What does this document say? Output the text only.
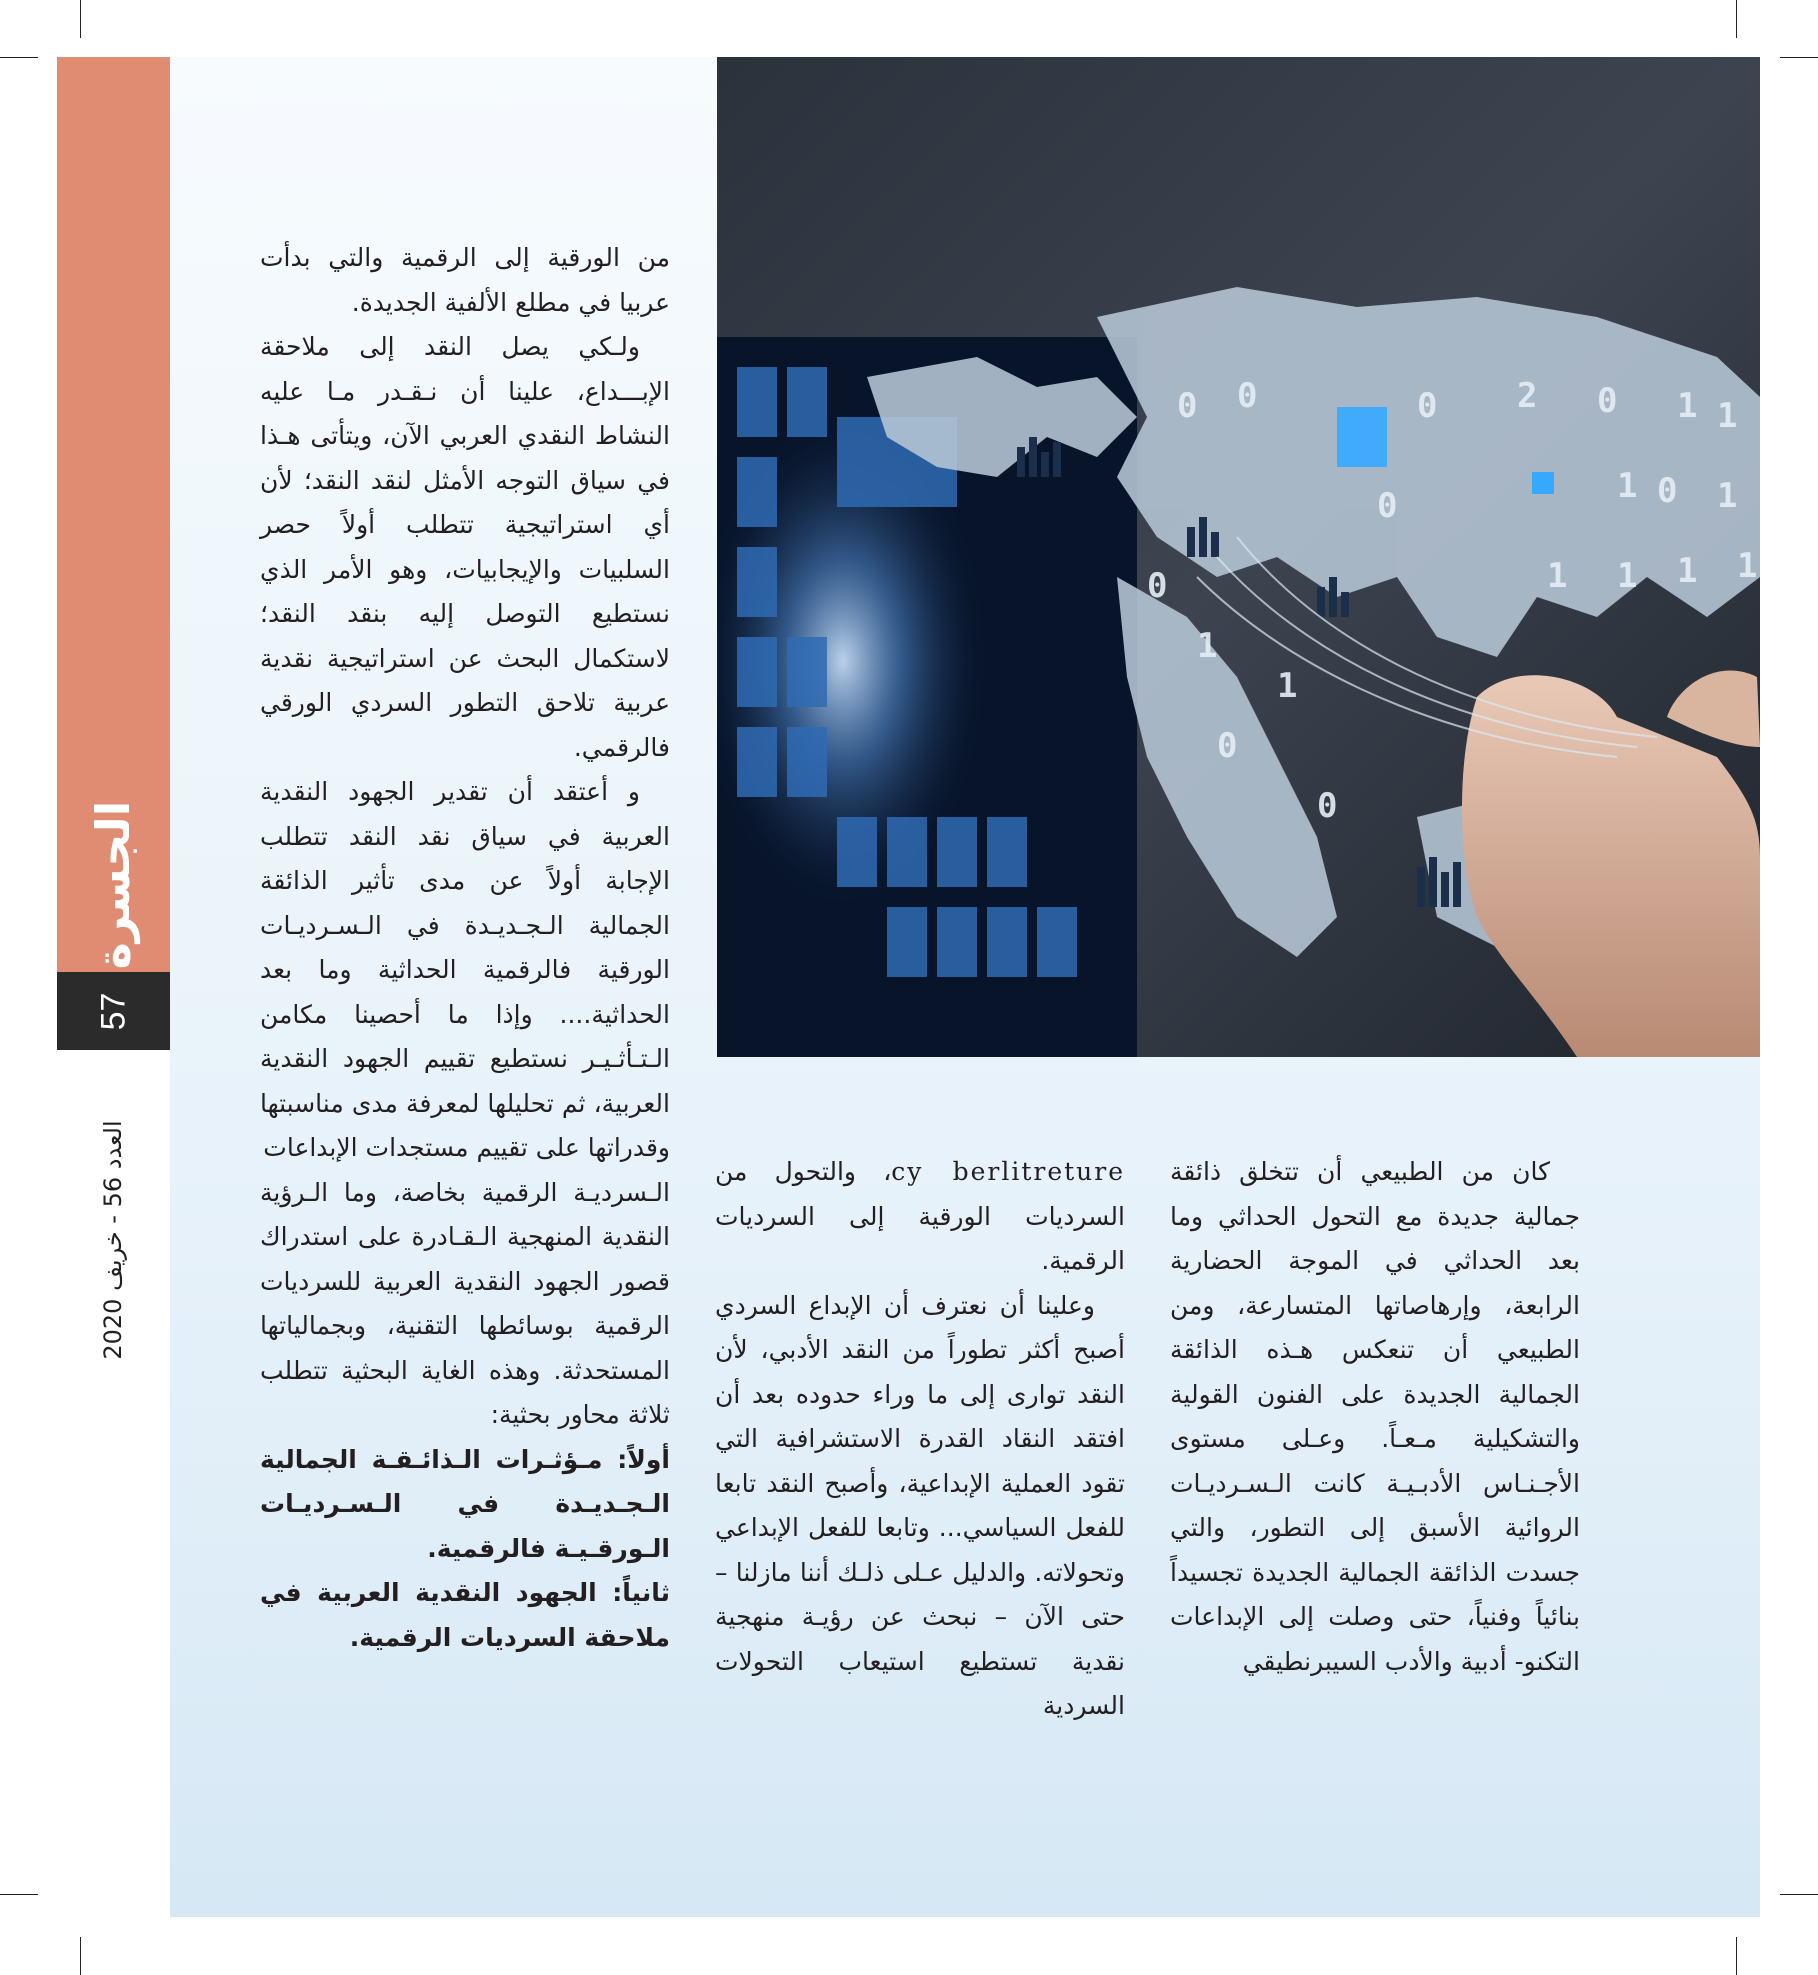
الجسرة
57
العدد 56 - خريف 2020
0 0	0 2 0 1 1
0	1 0 1
1 1 1 1
0
1
0
1
0

من الورقية إلى الرقمية والتي بدأت عربيا في مطلع الألفية الجديدة.

ولـكي يصل النقد إلى ملاحقة الإبـــداع، علينا أن نـقـدر مـا عليه النشاط النقدي العربي الآن، ويتأتى هـذا في سياق التوجه الأمثل لنقد النقد؛ لأن أي استراتيجية تتطلب أولاً حصر السلبيات والإيجابيات، وهو الأمر الذي نستطيع التوصل إليه بنقد النقد؛ لاستكمال البحث عن استراتيجية نقدية عربية تلاحق التطور السردي الورقي فالرقمي.

و أعتقد أن تقدير الجهود النقدية العربية في سياق نقد النقد تتطلب الإجابة أولاً عن مدى تأثير الذائقة الجمالية الـجـديـدة في الـسـرديـات الورقية فالرقمية الحداثية وما بعد الحداثية.... وإذا ما أحصينا مكامن الـتـأثـيـر نستطيع تقييم الجهود النقدية العربية، ثم تحليلها لمعرفة مدى مناسبتها وقدراتها على تقييم مستجدات الإبداعات

الـسرديـة الرقمية بخاصة، وما الـرؤية النقدية المنهجية الـقـادرة على استدراك قصور الجهود النقدية العربية للسرديات الرقمية بوسائطها التقنية، وبجمالياتها المستحدثة. وهذه الغاية البحثية تتطلب ثلاثة محاور بحثية:

أولاً: مـؤثـرات الـذائـقـة الجمالية الـجـديـدة في الـسـرديـات الـورقـيـة فالرقمية.

ثانياً: الجهود النقدية العربية في ملاحقة السرديات الرقمية.

cy berlitreture، والتحول من السرديات الورقية إلى السرديات الرقمية.

وعلينا أن نعترف أن الإبداع السردي أصبح أكثر تطوراً من النقد الأدبي، لأن النقد توارى إلى ما وراء حدوده بعد أن افتقد النقاد القدرة الاستشرافية التي تقود العملية الإبداعية، وأصبح النقد تابعا للفعل السياسي... وتابعا للفعل الإبداعي وتحولاته. والدليل عـلى ذلـك أننا مازلنا – حتى الآن – نبحث عن رؤيـة منهجية نقدية تستطيع استيعاب التحولات السردية

كان من الطبيعي أن تتخلق ذائقة جمالية جديدة مع التحول الحداثي وما بعد الحداثي في الموجة الحضارية الرابعة، وإرهاصاتها المتسارعة، ومن الطبيعي أن تنعكس هـذه الذائقة الجمالية الجديدة على الفنون القولية والتشكيلية مـعـاً. وعـلى مستوى الأجـنـاس الأدبـيـة كانت الـسـرديـات الروائية الأسبق إلى التطور، والتي جسدت الذائقة الجمالية الجديدة تجسيداً بنائياً وفنياً، حتى وصلت إلى الإبداعات التكنو- أدبية والأدب السيبرنطيقي
